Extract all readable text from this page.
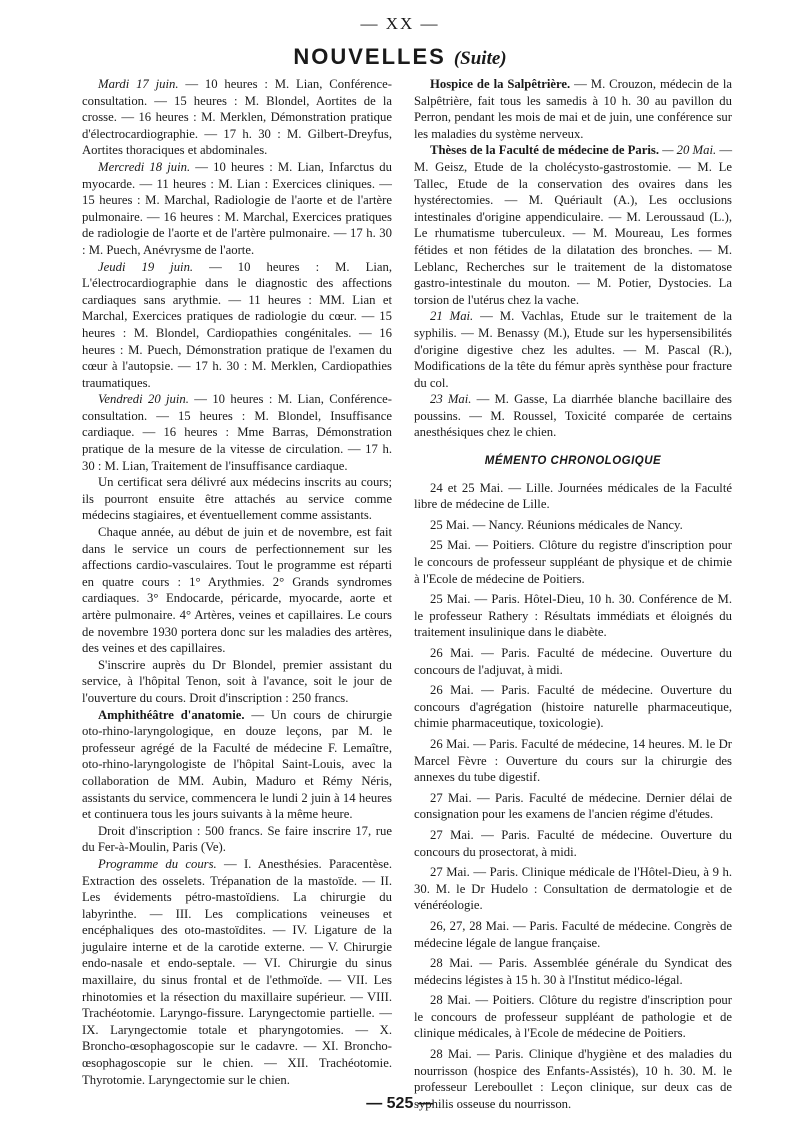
— XX —
NOUVELLES (Suite)

Mardi 17 juin. — 10 heures : M. Lian, Conférence-consultation. — 15 heures : M. Blondel, Aortites de la crosse. — 16 heures : M. Merklen, Démonstration pratique d'électrocardiographie. — 17 h. 30 : M. Gilbert-Dreyfus, Aortites thoraciques et abdominales.

Mercredi 18 juin. — 10 heures : M. Lian, Infarctus du myocarde. — 11 heures : M. Lian : Exercices cliniques. — 15 heures : M. Marchal, Radiologie de l'aorte et de l'artère pulmonaire. — 16 heures : M. Marchal, Exercices pratiques de radiologie de l'aorte et de l'artère pulmonaire. — 17 h. 30 : M. Puech, Anévrysme de l'aorte.

Jeudi 19 juin. — 10 heures : M. Lian, L'électrocardiographie dans le diagnostic des affections cardiaques sans arythmie. — 11 heures : MM. Lian et Marchal, Exercices pratiques de radiologie du cœur. — 15 heures : M. Blondel, Cardiopathies congénitales. — 16 heures : M. Puech, Démonstration pratique de l'examen du cœur à l'autopsie. — 17 h. 30 : M. Merklen, Cardiopathies traumatiques.

Vendredi 20 juin. — 10 heures : M. Lian, Conférence-consultation. — 15 heures : M. Blondel, Insuffisance cardiaque. — 16 heures : Mme Barras, Démonstration pratique de la mesure de la vitesse de circulation. — 17 h. 30 : M. Lian, Traitement de l'insuffisance cardiaque.

Un certificat sera délivré aux médecins inscrits au cours; ils pourront ensuite être attachés au service comme médecins stagiaires, et éventuellement comme assistants.

Chaque année, au début de juin et de novembre, est fait dans le service un cours de perfectionnement sur les affections cardio-vasculaires. Tout le programme est réparti en quatre cours : 1° Arythmies. 2° Grands syndromes cardiaques. 3° Endocarde, péricarde, myocarde, aorte et artère pulmonaire. 4° Artères, veines et capillaires. Le cours de novembre 1930 portera donc sur les maladies des artères, des veines et des capillaires.

S'inscrire auprès du Dr Blondel, premier assistant du service, à l'hôpital Tenon, soit à l'avance, soit le jour de l'ouverture du cours. Droit d'inscription : 250 francs.

Amphithéâtre d'anatomie. — Un cours de chirurgie oto-rhino-laryngologique, en douze leçons, par M. le professeur agrégé de la Faculté de médecine F. Lemaître, oto-rhino-laryngologiste de l'hôpital Saint-Louis, avec la collaboration de MM. Aubin, Maduro et Rémy Néris, assistants du service, commencera le lundi 2 juin à 14 heures et continuera tous les jours suivants à la même heure.

Droit d'inscription : 500 francs. Se faire inscrire 17, rue du Fer-à-Moulin, Paris (Ve).

Programme du cours. — I. Anesthésies. Paracentèse. Extraction des osselets. Trépanation de la mastoïde. — II. Les évidements pétro-mastoïdiens. La chirurgie du labyrinthe. — III. Les complications veineuses et encéphaliques des oto-mastoïdites. — IV. Ligature de la jugulaire interne et de la carotide externe. — V. Chirurgie endo-nasale et endo-septale. — VI. Chirurgie du sinus maxillaire, du sinus frontal et de l'ethmoïde. — VII. Les rhinotomies et la résection du maxillaire supérieur. — VIII. Trachéotomie. Laryngo-fissure. Laryngectomie partielle. — IX. Laryngectomie totale et pharyngotomies. — X. Broncho-œsophagoscopie sur le cadavre. — XI. Broncho-œsophagoscopie sur le chien. — XII. Trachéotomie. Thyrotomie. Laryngectomie sur le chien.

Hospice de la Salpêtrière. — M. Crouzon, médecin de la Salpêtrière, fait tous les samedis à 10 h. 30 au pavillon du Perron, pendant les mois de mai et de juin, une conférence sur les maladies du système nerveux.

Thèses de la Faculté de médecine de Paris. — 20 Mai. — M. Geisz, Etude de la cholécysto-gastrostomie. — M. Le Tallec, Etude de la conservation des ovaires dans les hystérectomies. — M. Quériault (A.), Les occlusions intestinales d'origine appendiculaire. — M. Leroussaud (L.), Le rhumatisme tuberculeux. — M. Moureau, Les formes fétides et non fétides de la dilatation des bronches. — M. Leblanc, Recherches sur le traitement de la distomatose gastro-intestinale du mouton. — M. Potier, Dystocies. La torsion de l'utérus chez la vache.

21 Mai. — M. Vachlas, Etude sur le traitement de la syphilis. — M. Benassy (M.), Etude sur les hypersensibilités d'origine digestive chez les adultes. — M. Pascal (R.), Modifications de la tête du fémur après synthèse pour fracture du col.

23 Mai. — M. Gasse, La diarrhée blanche bacillaire des poussins. — M. Roussel, Toxicité comparée de certains anesthésiques chez le chien.

MÉMENTO CHRONOLOGIQUE

24 et 25 Mai. — Lille. Journées médicales de la Faculté libre de médecine de Lille.

25 Mai. — Nancy. Réunions médicales de Nancy.

25 Mai. — Poitiers. Clôture du registre d'inscription pour le concours de professeur suppléant de physique et de chimie à l'Ecole de médecine de Poitiers.

25 Mai. — Paris. Hôtel-Dieu, 10 h. 30. Conférence de M. le professeur Rathery : Résultats immédiats et éloignés du traitement insulinique dans le diabète.

26 Mai. — Paris. Faculté de médecine. Ouverture du concours de l'adjuvat, à midi.

26 Mai. — Paris. Faculté de médecine. Ouverture du concours d'agrégation (histoire naturelle pharmaceutique, chimie pharmaceutique, toxicologie).

26 Mai. — Paris. Faculté de médecine, 14 heures. M. le Dr Marcel Fèvre : Ouverture du cours sur la chirurgie des annexes du tube digestif.

27 Mai. — Paris. Faculté de médecine. Dernier délai de consignation pour les examens de l'ancien régime d'études.

27 Mai. — Paris. Faculté de médecine. Ouverture du concours du prosectorat, à midi.

27 Mai. — Paris. Clinique médicale de l'Hôtel-Dieu, à 9 h. 30. M. le Dr Hudelo : Consultation de dermatologie et de vénéréologie.

26, 27, 28 Mai. — Paris. Faculté de médecine. Congrès de médecine légale de langue française.

28 Mai. — Paris. Assemblée générale du Syndicat des médecins légistes à 15 h. 30 à l'Institut médico-légal.

28 Mai. — Poitiers. Clôture du registre d'inscription pour le concours de professeur suppléant de pathologie et de clinique médicales, à l'Ecole de médecine de Poitiers.

28 Mai. — Paris. Clinique d'hygiène et des maladies du nourrisson (hospice des Enfants-Assistés), 10 h. 30. M. le professeur Lereboullet : Leçon clinique, sur deux cas de syphilis osseuse du nourrisson.

— 525 —
